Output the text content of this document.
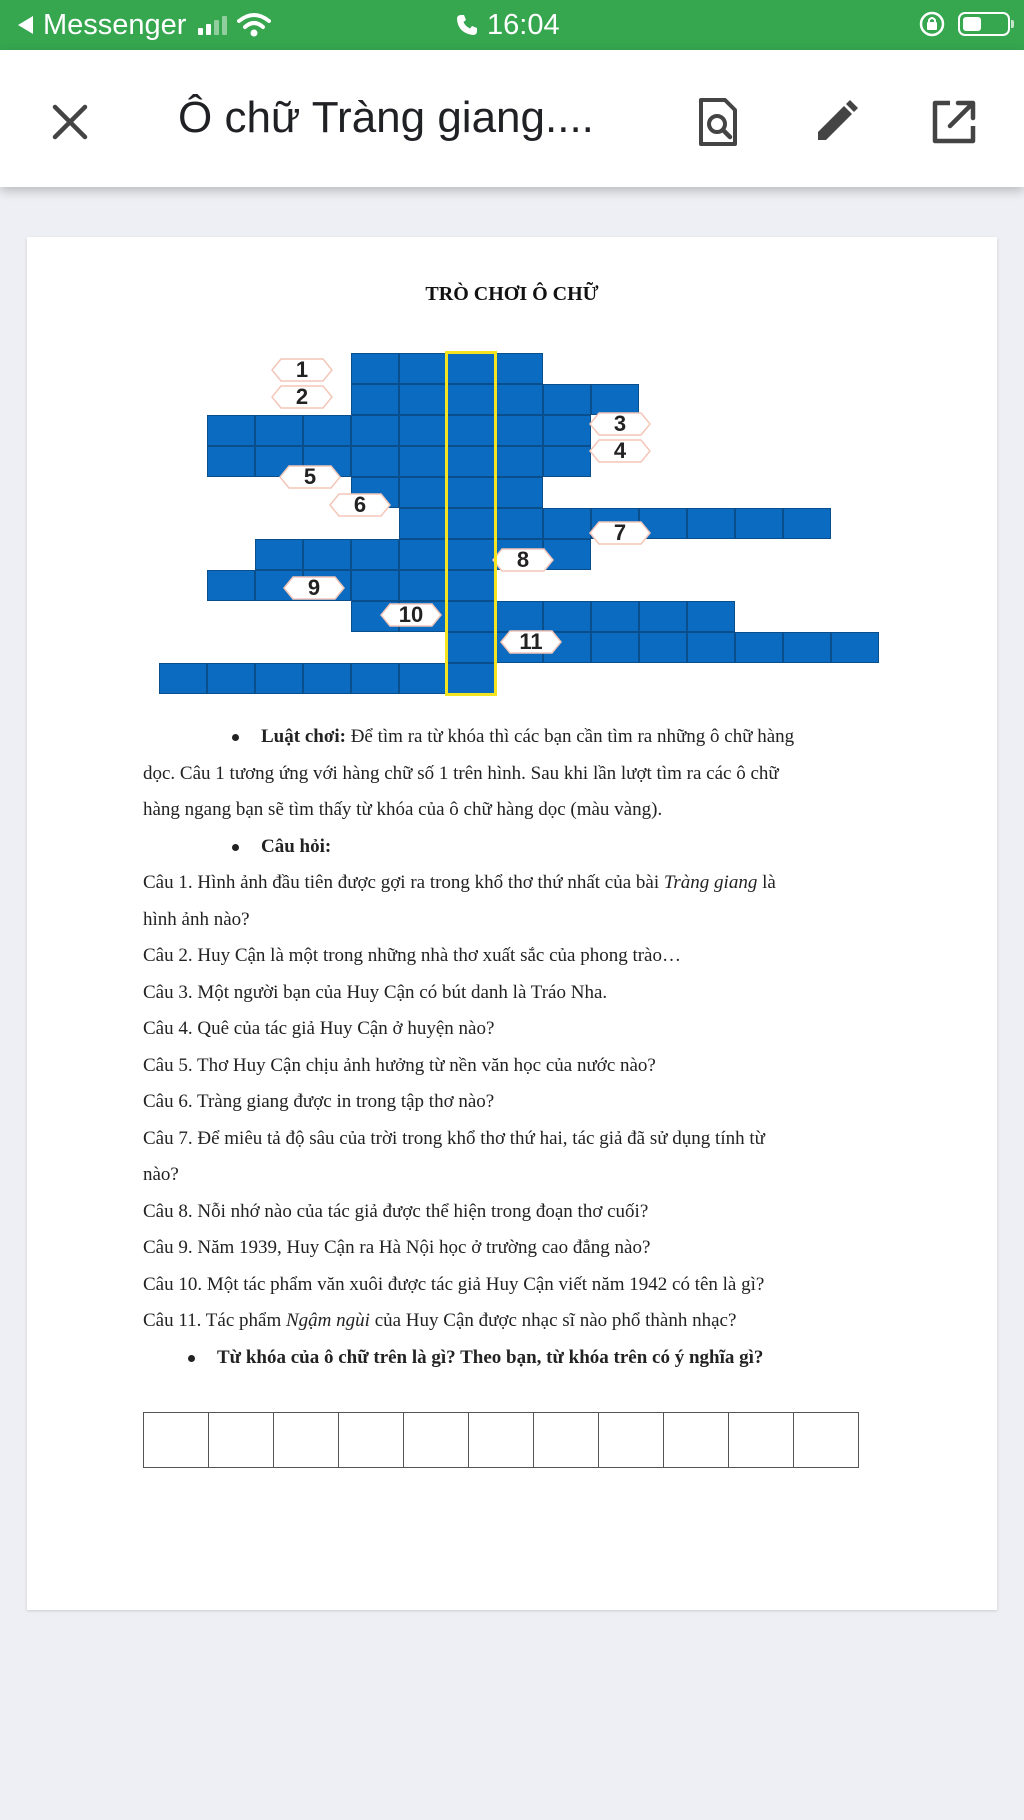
Messenger	16:04
Ô chữ Tràng giang....
TRÒ CHƠI Ô CHỮ
1
2
3
4
5
6
7
8
9
10
11
Luật chơi: Để tìm ra từ khóa thì các bạn cần tìm ra những ô chữ hàng
dọc. Câu 1 tương ứng với hàng chữ số 1 trên hình. Sau khi lần lượt tìm ra các ô chữ
hàng ngang bạn sẽ tìm thấy từ khóa của ô chữ hàng dọc (màu vàng).
Câu hỏi:
Câu 1. Hình ảnh đầu tiên được gợi ra trong khổ thơ thứ nhất của bài Tràng giang là
hình ảnh nào?
Câu 2. Huy Cận là một trong những nhà thơ xuất sắc của phong trào…
Câu 3. Một người bạn của Huy Cận có bút danh là Tráo Nha.
Câu 4. Quê của tác giả Huy Cận ở huyện nào?
Câu 5. Thơ Huy Cận chịu ảnh hưởng từ nền văn học của nước nào?
Câu 6. Tràng giang được in trong tập thơ nào?
Câu 7. Để miêu tả độ sâu của trời trong khổ thơ thứ hai, tác giả đã sử dụng tính từ
nào?
Câu 8. Nỗi nhớ nào của tác giả được thể hiện trong đoạn thơ cuối?
Câu 9. Năm 1939, Huy Cận ra Hà Nội học ở trường cao đẳng nào?
Câu 10. Một tác phẩm văn xuôi được tác giả Huy Cận viết năm 1942 có tên là gì?
Câu 11. Tác phẩm Ngậm ngùi của Huy Cận được nhạc sĩ nào phổ thành nhạc?
Từ khóa của ô chữ trên là gì? Theo bạn, từ khóa trên có ý nghĩa gì?
